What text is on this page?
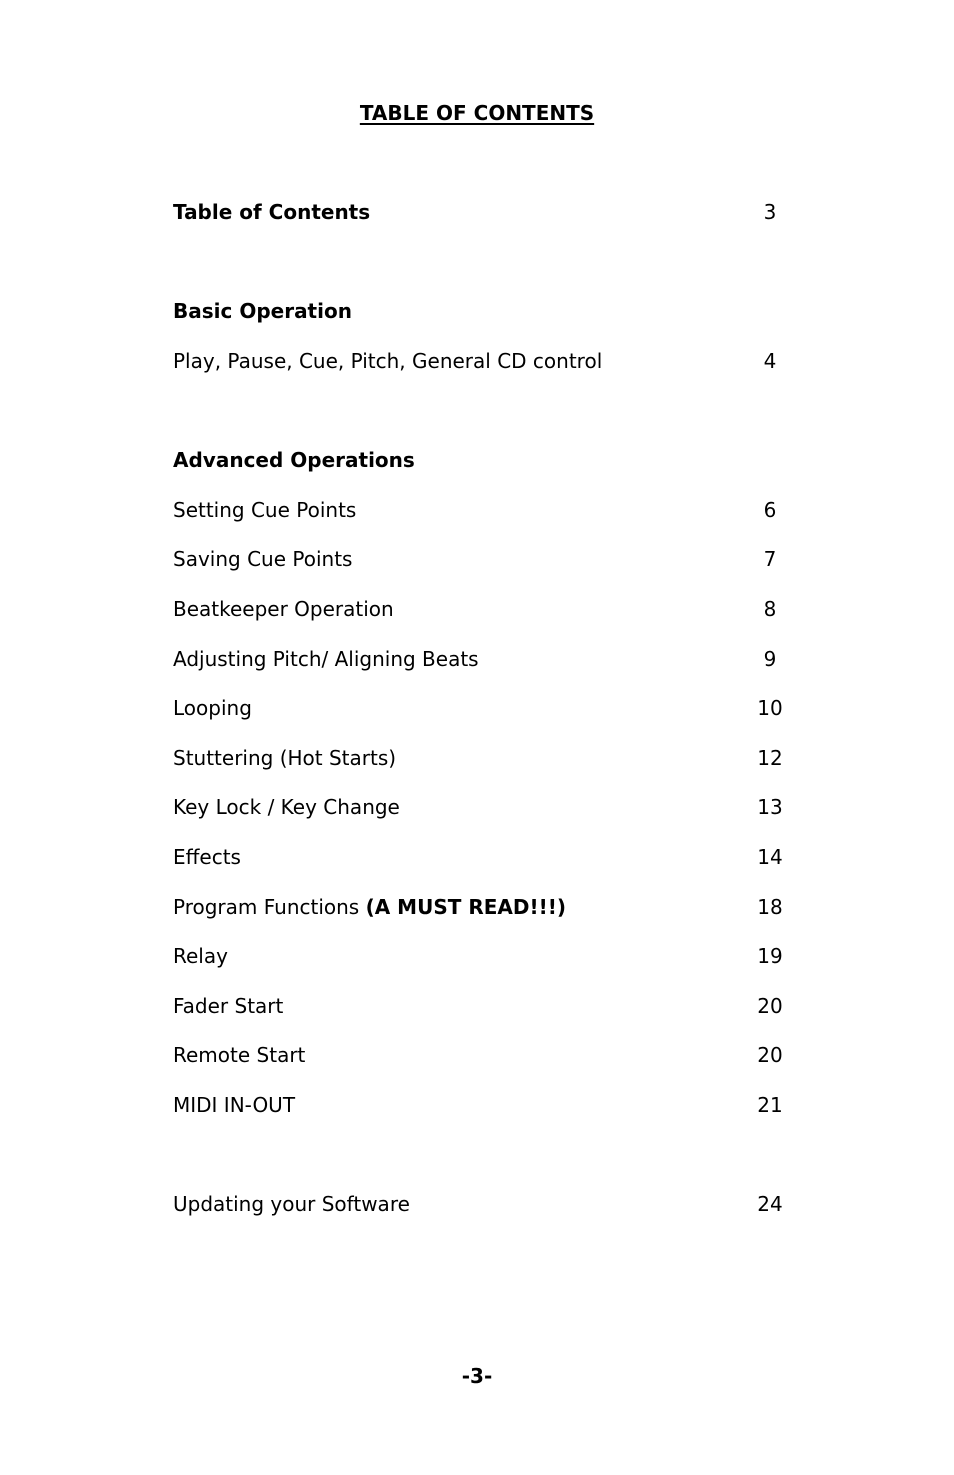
TABLE OF CONTENTS
Table of Contents	3
Basic Operation
Play, Pause, Cue, Pitch, General CD control	4
Advanced Operations
Setting Cue Points	6
Saving Cue Points	7
Beatkeeper Operation	8
Adjusting Pitch/ Aligning Beats	9
Looping	10
Stuttering (Hot Starts)	12
Key Lock / Key Change	13
Effects	14
Program Functions (A MUST READ!!!)	18
Relay	19
Fader Start	20
Remote Start	20
MIDI IN-OUT	21
Updating your Software	24
-3-
